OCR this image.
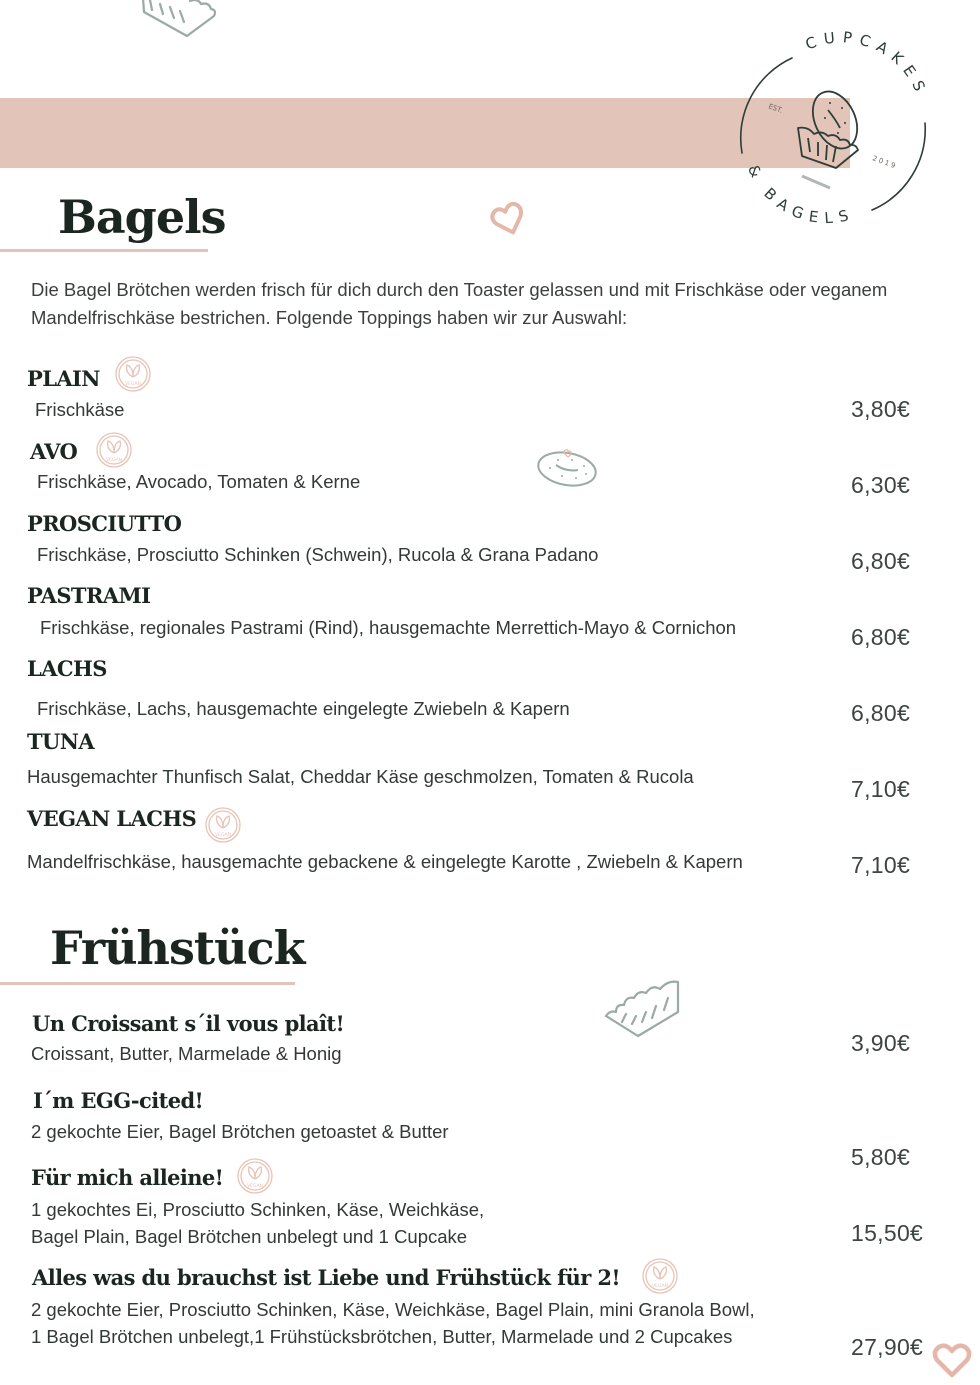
CUPCAKES
& BAGELS
EST.
2019
Bagels
Die Bagel Brötchen werden frisch für dich durch den Toaster gelassen und mit Frischkäse oder veganem Mandelfrischkäse bestrichen. Folgende Toppings haben wir zur Auswahl:
PLAIN	VEGAN
Frischkäse	3,80€
AVO	VEGAN
Frischkäse, Avocado, Tomaten & Kerne	6,30€
PROSCIUTTO
Frischkäse, Prosciutto Schinken (Schwein), Rucola & Grana Padano	6,80€
PASTRAMI
Frischkäse, regionales Pastrami (Rind), hausgemachte Merrettich-Mayo & Cornichon	6,80€
LACHS
Frischkäse, Lachs, hausgemachte eingelegte Zwiebeln & Kapern	6,80€
TUNA
Hausgemachter Thunfisch Salat, Cheddar Käse geschmolzen, Tomaten & Rucola	7,10€
VEGAN LACHS
VEGAN
Mandelfrischkäse, hausgemachte gebackene & eingelegte Karotte , Zwiebeln & Kapern	7,10€
Frühstück
Un Croissant s´il vous plaît!
Croissant, Butter, Marmelade & Honig	3,90€
I´m EGG-cited!
2 gekochte Eier, Bagel Brötchen getoastet & Butter
5,80€
Für mich alleine!	VEGAN
1 gekochtes Ei, Prosciutto Schinken, Käse, Weichkäse,
Bagel Plain, Bagel Brötchen unbelegt und 1 Cupcake	15,50€
Alles was du brauchst ist Liebe und Frühstück für 2!	VEGAN
2 gekochte Eier, Prosciutto Schinken, Käse, Weichkäse, Bagel Plain, mini Granola Bowl,
1 Bagel Brötchen unbelegt,1 Frühstücksbrötchen, Butter, Marmelade und 2 Cupcakes	27,90€
